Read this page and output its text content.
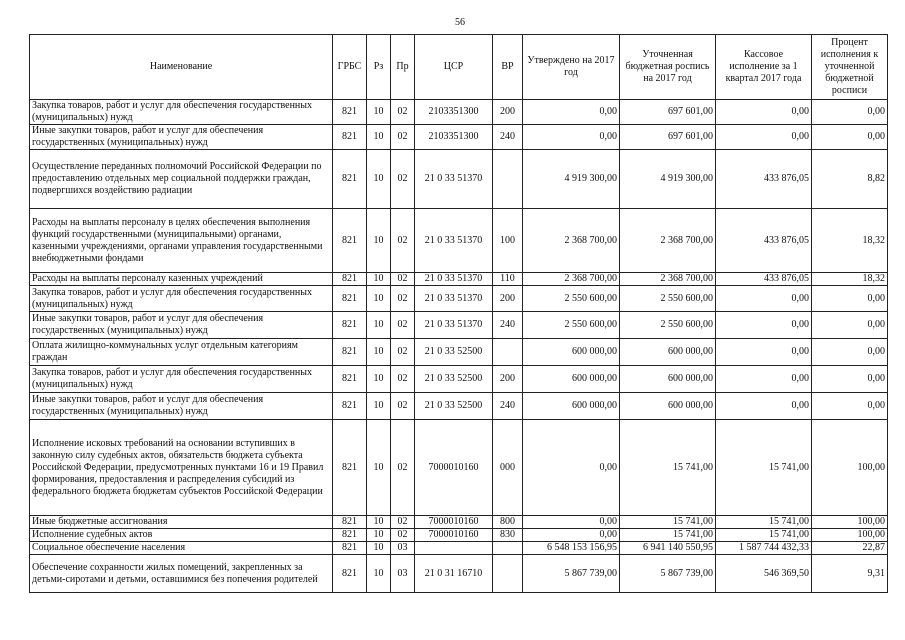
56
Наименование	ГРБС	Рз	Пр	ЦСР	ВР	Утверждено на 2017 год	Уточненная бюджетная роспись на 2017 год	Кассовое исполнение за 1 квартал 2017 года	Процент исполнения к уточненной бюджетной росписи
Закупка товаров, работ и услуг для обеспечения государственных (муниципальных) нужд	821	10	02	2103351300	200	0,00	697 601,00	0,00	0,00
Иные закупки товаров, работ и услуг для обеспечения государственных (муниципальных) нужд	821	10	02	2103351300	240	0,00	697 601,00	0,00	0,00
Осуществление переданных полномочий Российской Федерации по предоставлению отдельных мер социальной поддержки граждан, подвергшихся воздействию радиации	821	10	02	21 0 33 51370		4 919 300,00	4 919 300,00	433 876,05	8,82
Расходы на выплаты персоналу в целях обеспечения выполнения функций государственными (муниципальными) органами, казенными учреждениями, органами управления государственными внебюджетными фондами	821	10	02	21 0 33 51370	100	2 368 700,00	2 368 700,00	433 876,05	18,32
Расходы на выплаты персоналу казенных учреждений	821	10	02	21 0 33 51370	110	2 368 700,00	2 368 700,00	433 876,05	18,32
Закупка товаров, работ и услуг для обеспечения государственных (муниципальных) нужд	821	10	02	21 0 33 51370	200	2 550 600,00	2 550 600,00	0,00	0,00
Иные закупки товаров, работ и услуг для обеспечения государственных (муниципальных) нужд	821	10	02	21 0 33 51370	240	2 550 600,00	2 550 600,00	0,00	0,00
Оплата жилищно-коммунальных услуг отдельным категориям граждан	821	10	02	21 0 33 52500		600 000,00	600 000,00	0,00	0,00
Закупка товаров, работ и услуг для обеспечения государственных (муниципальных) нужд	821	10	02	21 0 33 52500	200	600 000,00	600 000,00	0,00	0,00
Иные закупки товаров, работ и услуг для обеспечения государственных (муниципальных) нужд	821	10	02	21 0 33 52500	240	600 000,00	600 000,00	0,00	0,00
Исполнение исковых требований на основании вступивших в законную силу судебных актов, обязательств бюджета субъекта Российской Федерации, предусмотренных пунктами 16 и 19 Правил формирования, предоставления и распределения субсидий из федерального бюджета бюджетам субъектов Российской Федерации	821	10	02	7000010160	000	0,00	15 741,00	15 741,00	100,00
Иные бюджетные ассигнования	821	10	02	7000010160	800	0,00	15 741,00	15 741,00	100,00
Исполнение судебных актов	821	10	02	7000010160	830	0,00	15 741,00	15 741,00	100,00
Социальное обеспечение населения	821	10	03			6 548 153 156,95	6 941 140 550,95	1 587 744 432,33	22,87
Обеспечение сохранности жилых помещений, закрепленных за детьми-сиротами и детьми, оставшимися без попечения родителей	821	10	03	21 0 31 16710		5 867 739,00	5 867 739,00	546 369,50	9,31
